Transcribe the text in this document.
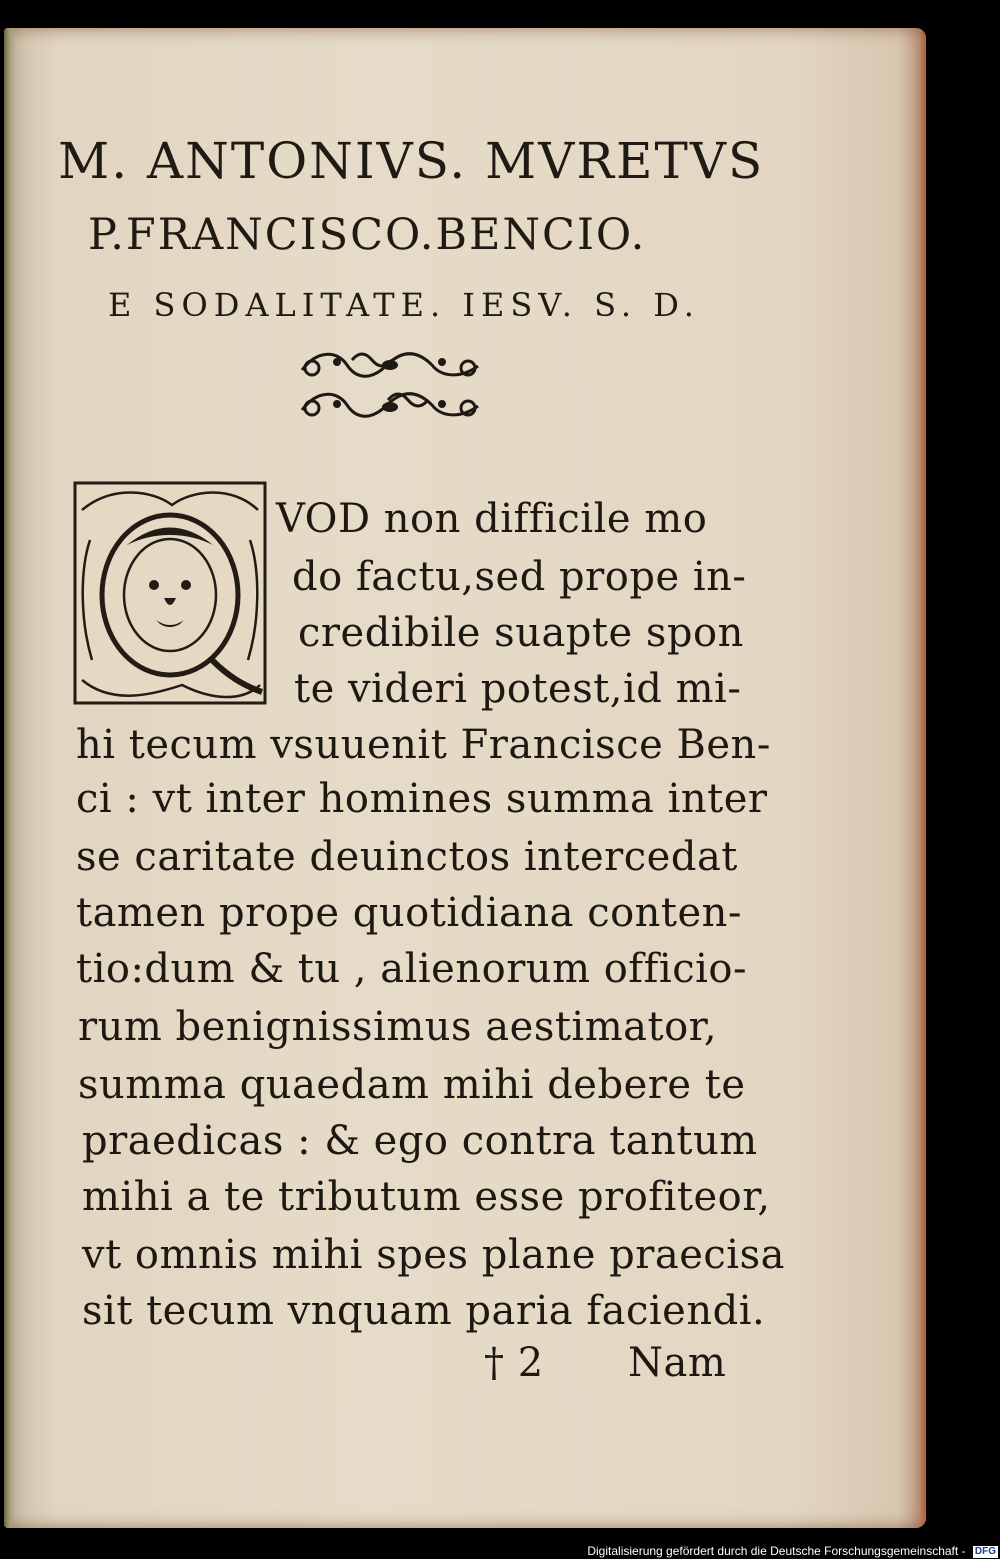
M. ANTONIVS. MVRETVS
P.FRANCISCO.BENCIO.
E SODALITATE. IESV. S. D.
VOD non difficile mo
do factu,sed prope in-
credibile suapte spon
te videri potest,id mi-
hi tecum vsuuenit Francisce Ben-
ci : vt inter homines summa inter
se caritate deuinctos intercedat
tamen prope quotidiana conten-
tio:dum & tu , alienorum officio-
rum benignissimus aestimator,
summa quaedam mihi debere te
praedicas : & ego contra tantum
mihi a te tributum esse profiteor,
vt omnis mihi spes plane praecisa
sit tecum vnquam paria faciendi.
† 2 Nam
Digitalisierung gefördert durch die Deutsche Forschungsgemeinschaft - DFG
